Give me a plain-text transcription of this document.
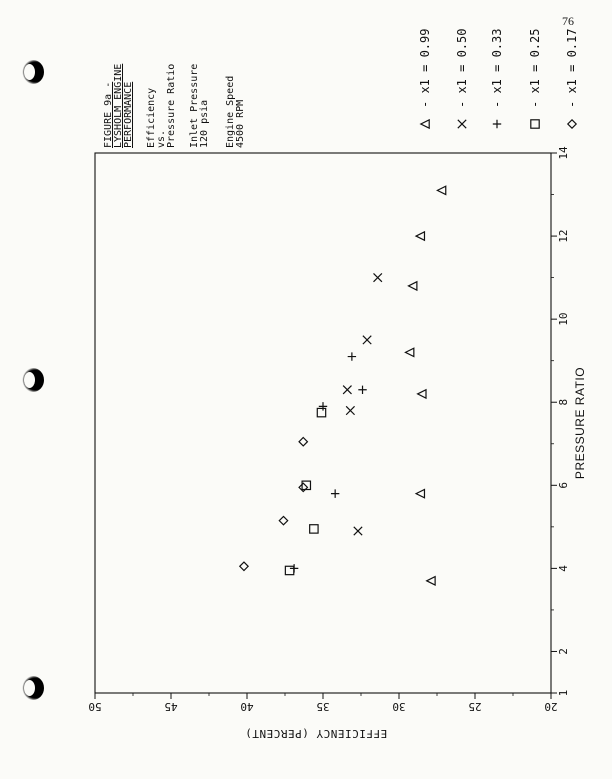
76
1
2
4
6
8
10
12
14
20
25
30
35
40
45
50
PRESSURE RATIO
EFFICIENCY (PERCENT)
FIGURE 9a - LYSHOLM ENGINE PERFORMANCE Efficiency vs. Pressure Ratio Inlet Pressure 120 psia Engine Speed 4500 RPM
- x1 = 0.99 - x1 = 0.50 - x1 = 0.33 - x1 = 0.25 - x1 = 0.17
